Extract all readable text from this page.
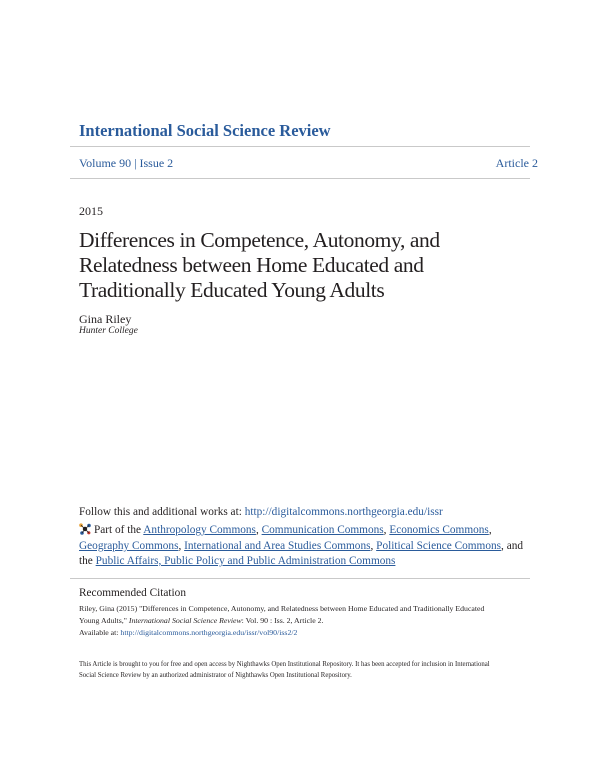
International Social Science Review
Volume 90 | Issue 2	Article 2
2015
Differences in Competence, Autonomy, and Relatedness between Home Educated and Traditionally Educated Young Adults
Gina Riley
Hunter College
Follow this and additional works at: http://digitalcommons.northgeorgia.edu/issr
Part of the Anthropology Commons, Communication Commons, Economics Commons,
Geography Commons, International and Area Studies Commons, Political Science Commons, and
the Public Affairs, Public Policy and Public Administration Commons
Recommended Citation
Riley, Gina (2015) "Differences in Competence, Autonomy, and Relatedness between Home Educated and Traditionally Educated
Young Adults," International Social Science Review: Vol. 90 : Iss. 2, Article 2.
Available at: http://digitalcommons.northgeorgia.edu/issr/vol90/iss2/2
This Article is brought to you for free and open access by Nighthawks Open Institutional Repository. It has been accepted for inclusion in International
Social Science Review by an authorized administrator of Nighthawks Open Institutional Repository.
